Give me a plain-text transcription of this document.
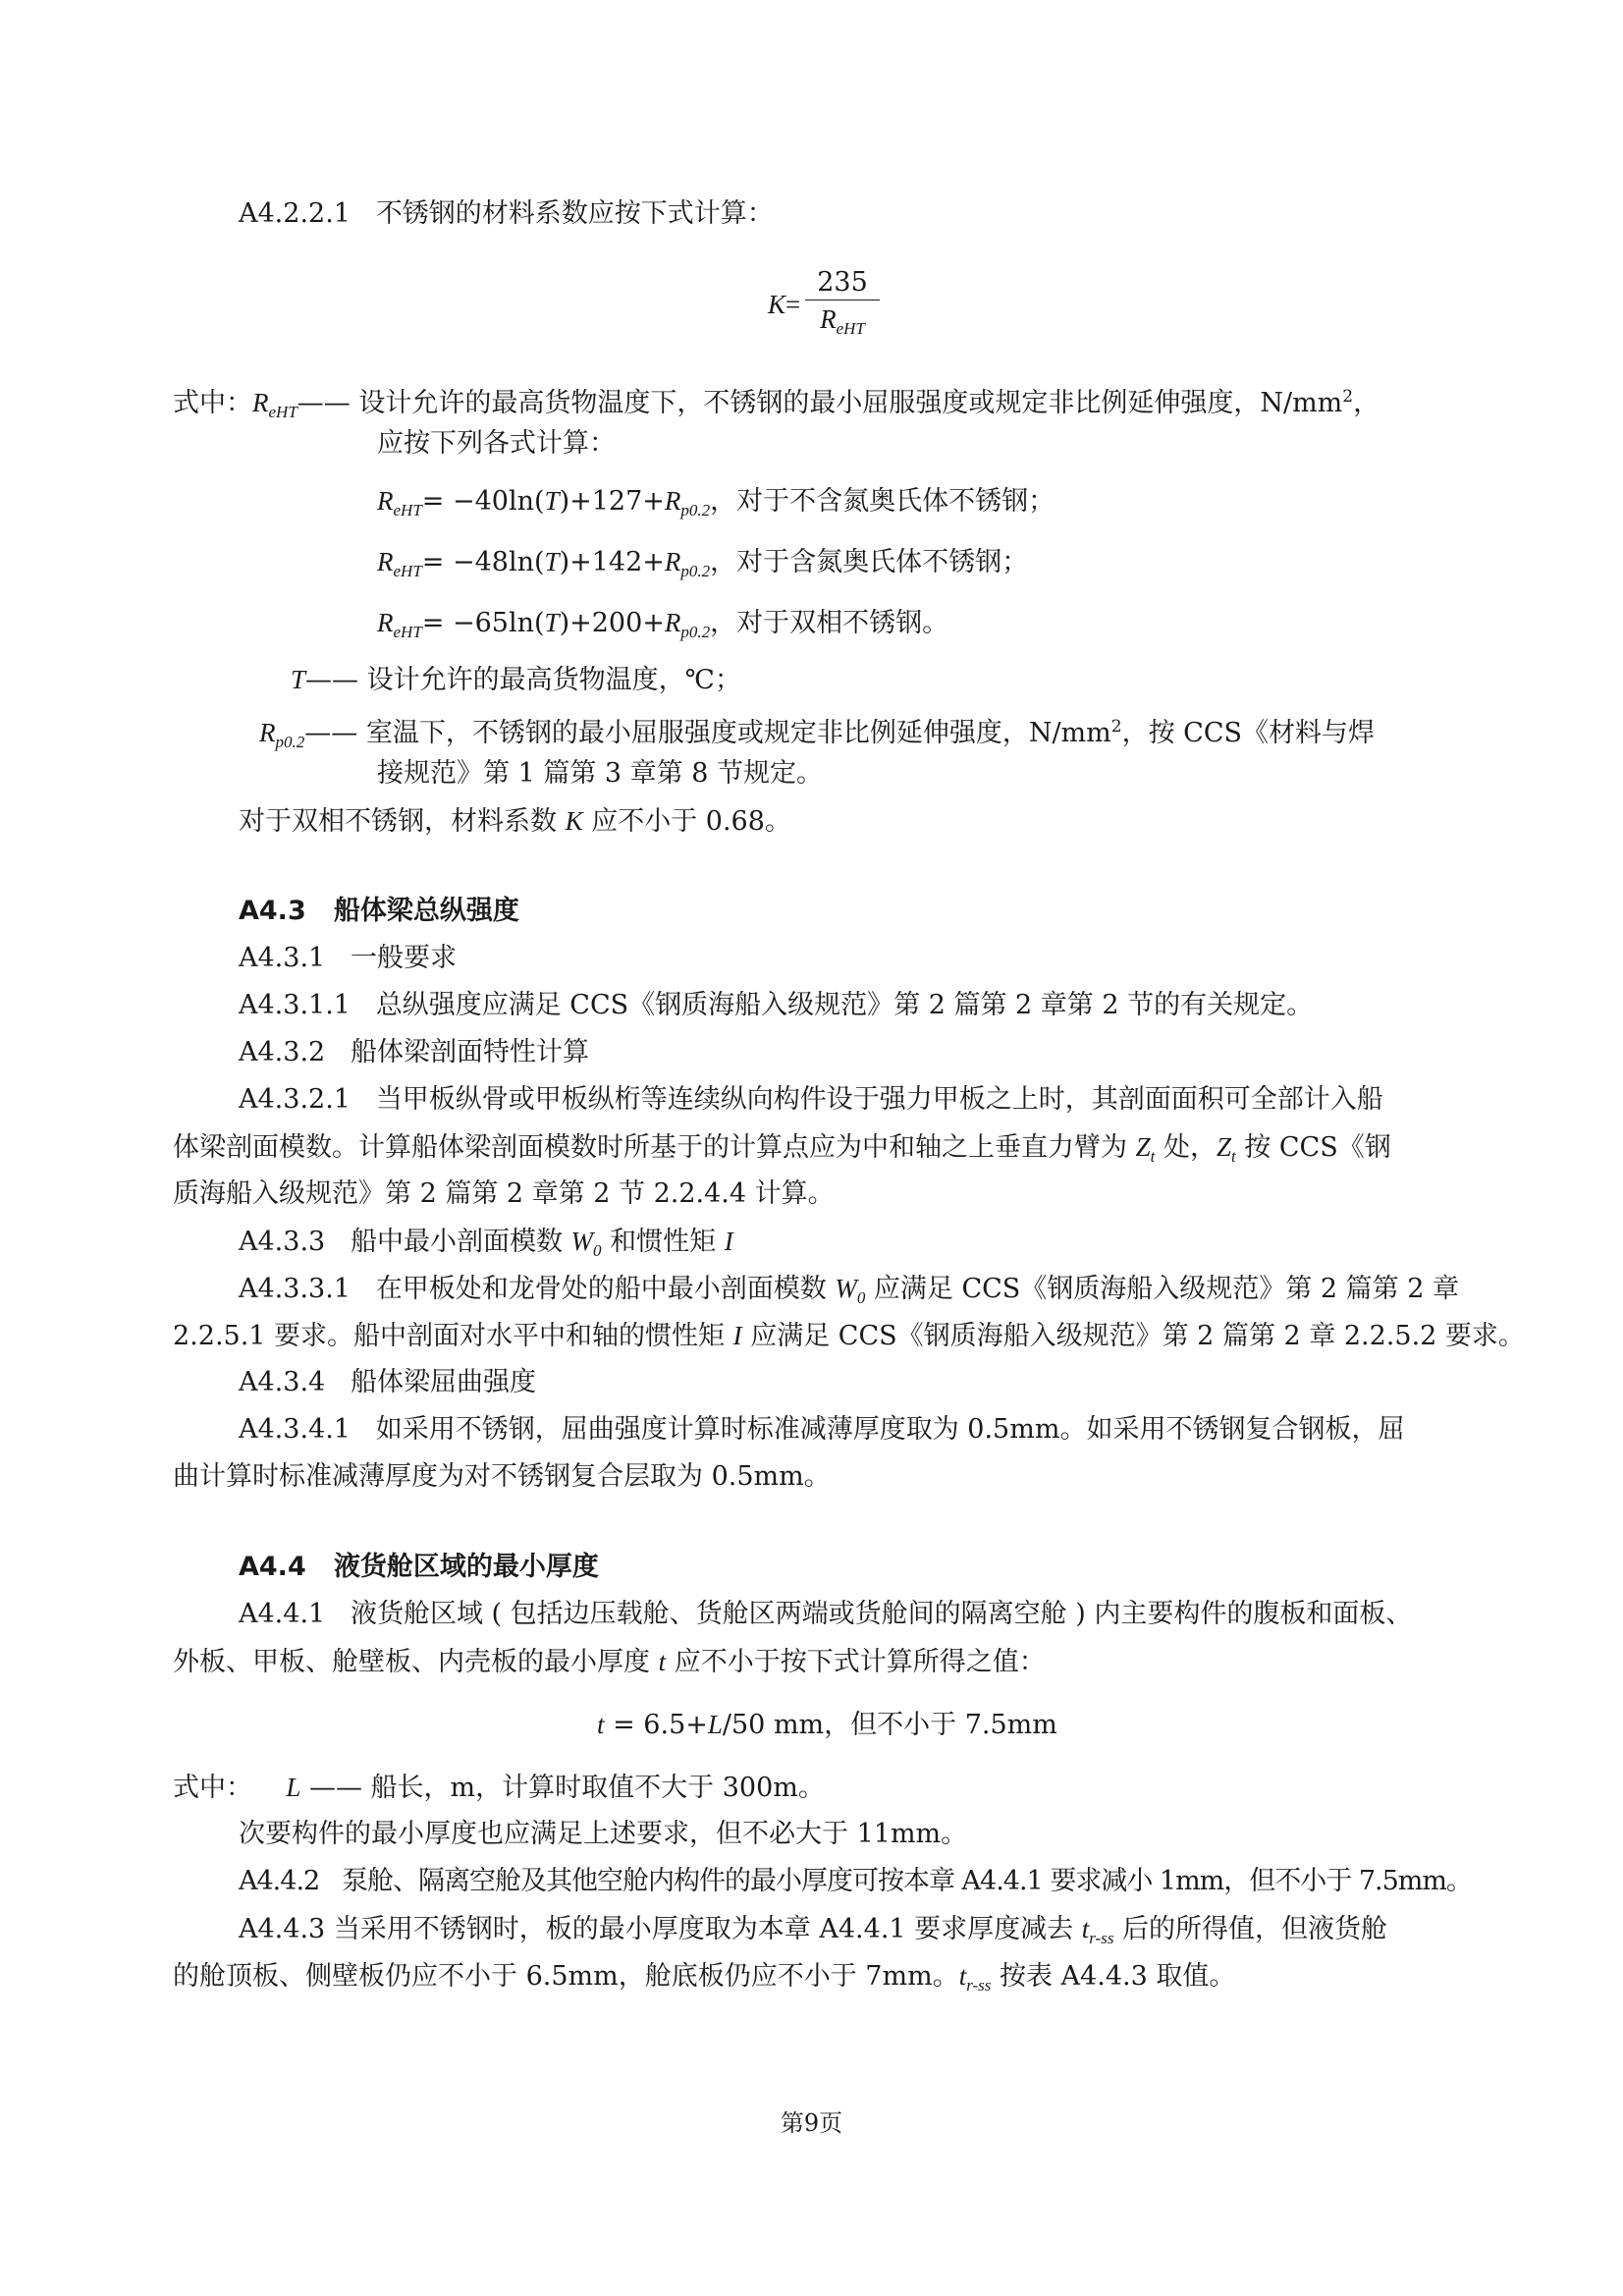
A4.2.2.1 不锈钢的材料系数应按下式计算：
K=
235
$R_{eHT}$
式中：$R_{eHT}——$ 设计允许的最高货物温度下，不锈钢的最小屈服强度或规定非比例延伸强度，$N/mm^2$，
应按下列各式计算：
$R_{eHT}= -40\ln(T)+127+R_{p0.2}$，对于不含氮奥氏体不锈钢；
$R_{eHT}= -48\ln(T)+142+R_{p0.2}$，对于含氮奥氏体不锈钢；
$R_{eHT}= -65\ln(T)+200+R_{p0.2}$，对于双相不锈钢。
T—— 设计允许的最高货物温度，℃；
$R_{p0.2}——$ 室温下，不锈钢的最小屈服强度或规定非比例延伸强度，$N/mm^2$，按 CCS《材料与焊
接规范》第 1 篇第 3 章第 8 节规定。
对于双相不锈钢，材料系数 K 应不小于 0.68。
A4.3 船体梁总纵强度
A4.3.1 一般要求
A4.3.1.1 总纵强度应满足 CCS《钢质海船入级规范》第 2 篇第 2 章第 2 节的有关规定。
A4.3.2 船体梁剖面特性计算
A4.3.2.1 当甲板纵骨或甲板纵桁等连续纵向构件设于强力甲板之上时，其剖面面积可全部计入船
体梁剖面模数。计算船体梁剖面模数时所基于的计算点应为中和轴之上垂直力臂为 $Z_t$ 处，$Z_t$ 按 CCS《钢
质海船入级规范》第 2 篇第 2 章第 2 节 2.2.4.4 计算。
A4.3.3 船中最小剖面模数 $W_0$ 和惯性矩 I
A4.3.3.1 在甲板处和龙骨处的船中最小剖面模数 $W_0$ 应满足 CCS《钢质海船入级规范》第 2 篇第 2 章
2.2.5.1 要求。船中剖面对水平中和轴的惯性矩 I 应满足 CCS《钢质海船入级规范》第 2 篇第 2 章 2.2.5.2 要求。
A4.3.4 船体梁屈曲强度
A4.3.4.1 如采用不锈钢，屈曲强度计算时标准减薄厚度取为 0.5mm。如采用不锈钢复合钢板，屈
曲计算时标准减薄厚度为对不锈钢复合层取为 0.5mm。
A4.4 液货舱区域的最小厚度
A4.4.1 液货舱区域 ( 包括边压载舱、货舱区两端或货舱间的隔离空舱 ) 内主要构件的腹板和面板、
外板、甲板、舱壁板、内壳板的最小厚度 t 应不小于按下式计算所得之值：
t = 6.5+L/50 mm，但不小于 7.5mm
式中： L —— 船长，m，计算时取值不大于 300m。
次要构件的最小厚度也应满足上述要求，但不必大于 11mm。
A4.4.2 泵舱、隔离空舱及其他空舱内构件的最小厚度可按本章 A4.4.1 要求减小 1mm，但不小于 7.5mm。
A4.4.3 当采用不锈钢时，板的最小厚度取为本章 A4.4.1 要求厚度减去 $t_{r-ss}$ 后的所得值，但液货舱
的舱顶板、侧壁板仍应不小于 6.5mm，舱底板仍应不小于 7mm。$t_{r-ss}$ 按表 A4.4.3 取值。
第9页
